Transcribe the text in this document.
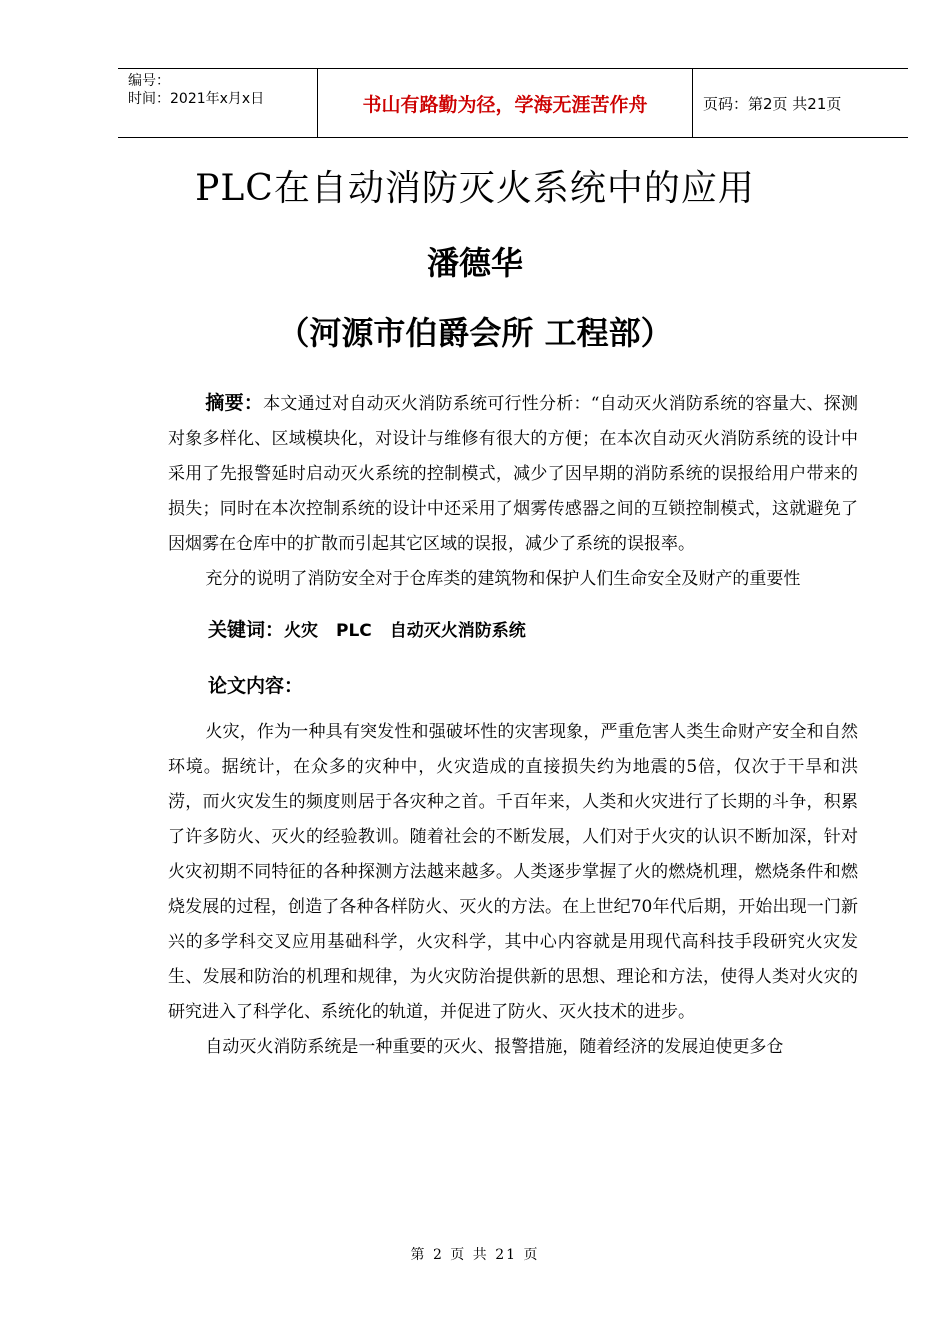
编号：
时间：2021年x月x日	书山有路勤为径，学海无涯苦作舟	页码：第2页 共21页
PLC在自动消防灭火系统中的应用
潘德华
（河源市伯爵会所 工程部）

摘要：本文通过对自动灭火消防系统可行性分析：“自动灭火消防系统的容量大、探测对象多样化、区域模块化，对设计与维修有很大的方便；在本次自动灭火消防系统的设计中采用了先报警延时启动灭火系统的控制模式，减少了因早期的消防系统的误报给用户带来的损失；同时在本次控制系统的设计中还采用了烟雾传感器之间的互锁控制模式，这就避免了因烟雾在仓库中的扩散而引起其它区域的误报，减少了系统的误报率。

充分的说明了消防安全对于仓库类的建筑物和保护人们生命安全及财产的重要性

关键词：火灾 PLC 自动灭火消防系统

论文内容：

火灾，作为一种具有突发性和强破坏性的灾害现象，严重危害人类生命财产安全和自然环境。据统计，在众多的灾种中，火灾造成的直接损失约为地震的5倍，仅次于干旱和洪涝，而火灾发生的频度则居于各灾种之首。千百年来，人类和火灾进行了长期的斗争，积累了许多防火、灭火的经验教训。随着社会的不断发展，人们对于火灾的认识不断加深，针对火灾初期不同特征的各种探测方法越来越多。人类逐步掌握了火的燃烧机理，燃烧条件和燃烧发展的过程，创造了各种各样防火、灭火的方法。在上世纪70年代后期，开始出现一门新兴的多学科交叉应用基础科学，火灾科学，其中心内容就是用现代高科技手段研究火灾发生、发展和防治的机理和规律，为火灾防治提供新的思想、理论和方法，使得人类对火灾的研究进入了科学化、系统化的轨道，并促进了防火、灭火技术的进步。

自动灭火消防系统是一种重要的灭火、报警措施，随着经济的发展迫使更多仓

第 2 页 共 21 页
